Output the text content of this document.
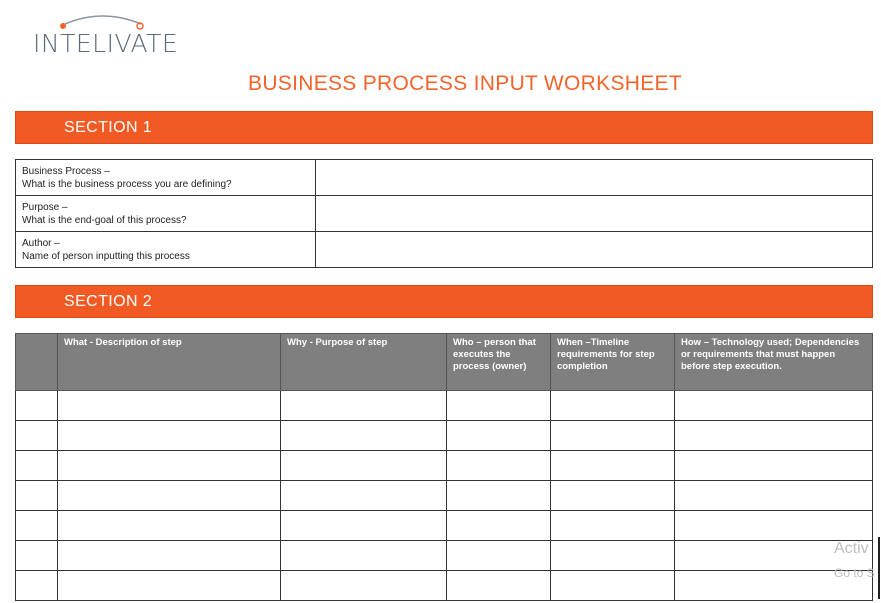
INTELIVATE
BUSINESS PROCESS INPUT WORKSHEET
SECTION 1
Business Process –
What is the business process you are defining?	

Purpose –
What is the end-goal of this process?	

Author –
Name of person inputting this process	

SECTION 2
	What - Description of step	Why - Purpose of step	Who – person that executes the process (owner)	When –Timeline requirements for step completion	How – Technology used; Dependencies or requirements that must happen before step execution.

Activ
Go to S
